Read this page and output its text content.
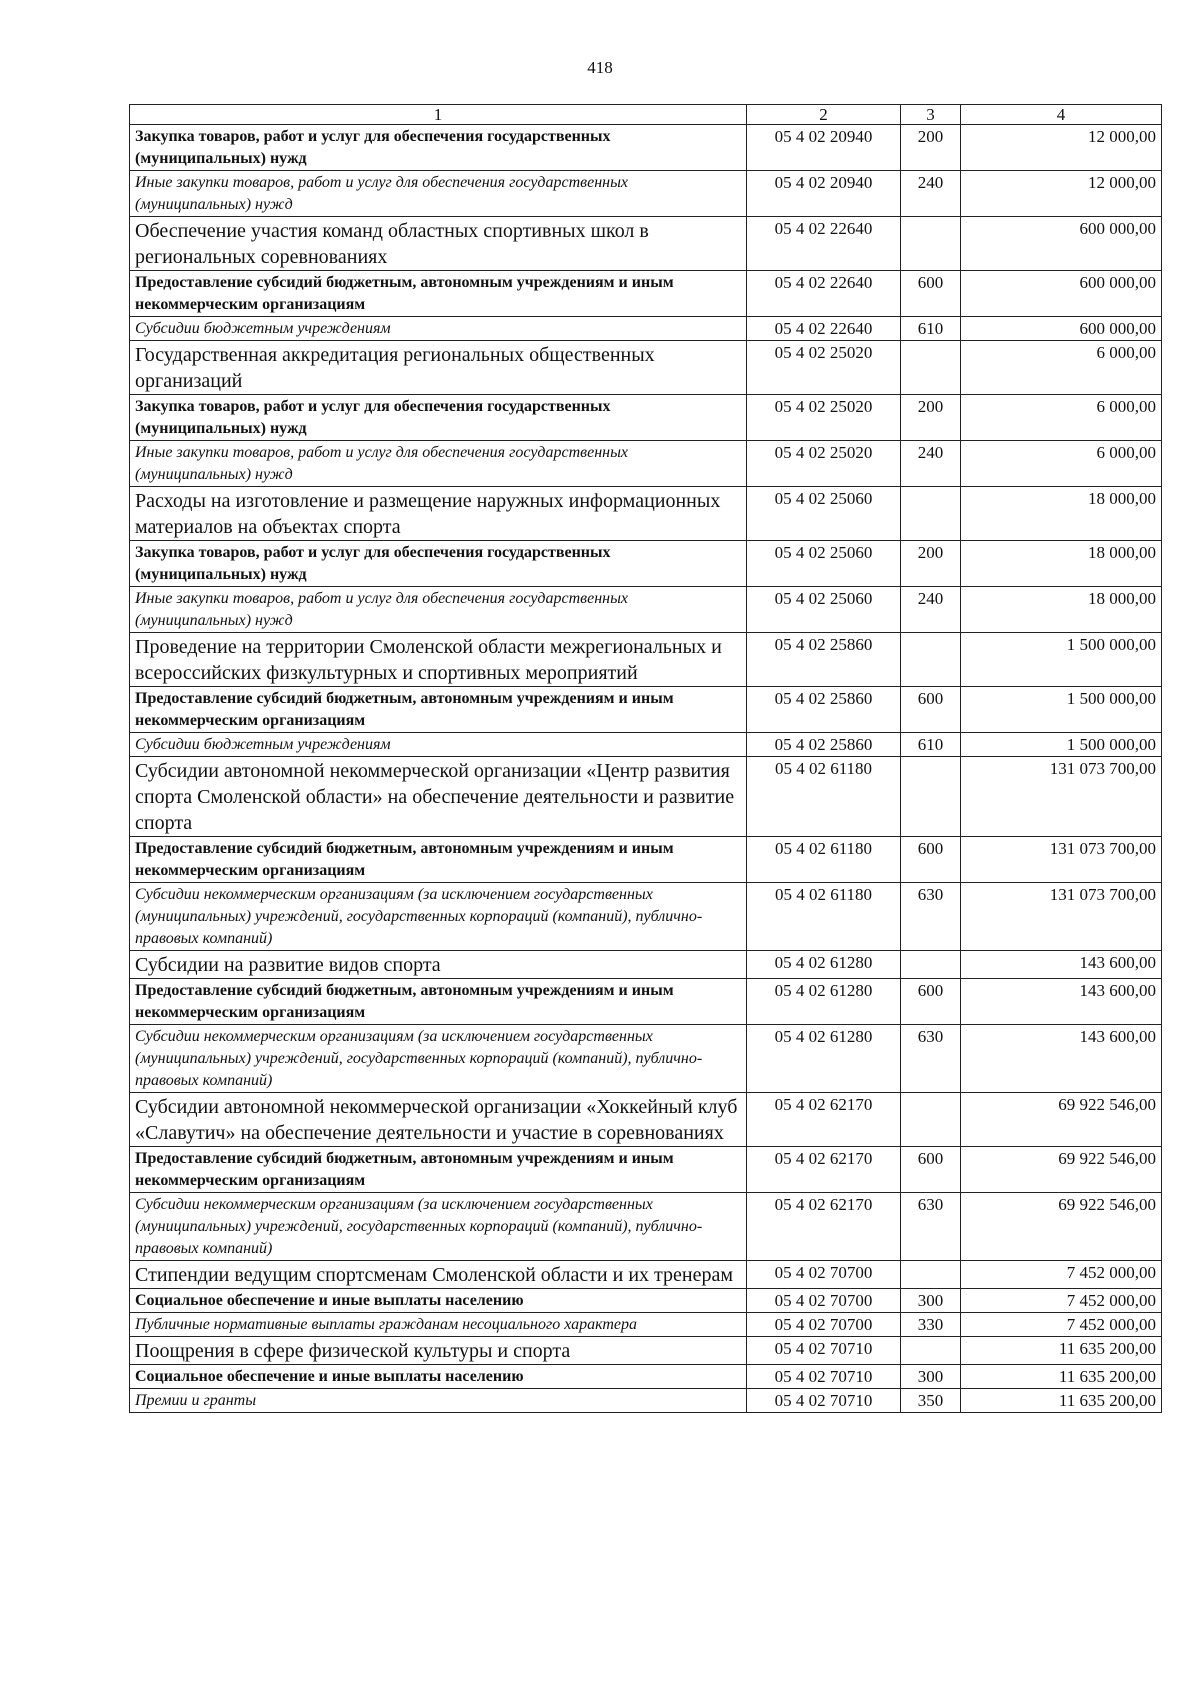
418
1	2	3	4
Закупка товаров, работ и услуг для обеспечения государственных (муниципальных) нужд	05 4 02 20940	200	12 000,00
Иные закупки товаров, работ и услуг для обеспечения государственных (муниципальных) нужд	05 4 02 20940	240	12 000,00
Обеспечение участия команд областных спортивных школ в региональных соревнованиях	05 4 02 22640		600 000,00
Предоставление субсидий бюджетным, автономным учреждениям и иным некоммерческим организациям	05 4 02 22640	600	600 000,00
Субсидии бюджетным учреждениям	05 4 02 22640	610	600 000,00
Государственная аккредитация региональных общественных организаций	05 4 02 25020		6 000,00
Закупка товаров, работ и услуг для обеспечения государственных (муниципальных) нужд	05 4 02 25020	200	6 000,00
Иные закупки товаров, работ и услуг для обеспечения государственных (муниципальных) нужд	05 4 02 25020	240	6 000,00
Расходы на изготовление и размещение наружных информационных материалов на объектах спорта	05 4 02 25060		18 000,00
Закупка товаров, работ и услуг для обеспечения государственных (муниципальных) нужд	05 4 02 25060	200	18 000,00
Иные закупки товаров, работ и услуг для обеспечения государственных (муниципальных) нужд	05 4 02 25060	240	18 000,00
Проведение на территории Смоленской области межрегиональных и всероссийских физкультурных и спортивных мероприятий	05 4 02 25860		1 500 000,00
Предоставление субсидий бюджетным, автономным учреждениям и иным некоммерческим организациям	05 4 02 25860	600	1 500 000,00
Субсидии бюджетным учреждениям	05 4 02 25860	610	1 500 000,00
Субсидии автономной некоммерческой организации «Центр развития спорта Смоленской области» на обеспечение деятельности и развитие спорта	05 4 02 61180		131 073 700,00
Предоставление субсидий бюджетным, автономным учреждениям и иным некоммерческим организациям	05 4 02 61180	600	131 073 700,00
Субсидии некоммерческим организациям (за исключением государственных (муниципальных) учреждений, государственных корпораций (компаний), публично-правовых компаний)	05 4 02 61180	630	131 073 700,00
Субсидии на развитие видов спорта	05 4 02 61280		143 600,00
Предоставление субсидий бюджетным, автономным учреждениям и иным некоммерческим организациям	05 4 02 61280	600	143 600,00
Субсидии некоммерческим организациям (за исключением государственных (муниципальных) учреждений, государственных корпораций (компаний), публично-правовых компаний)	05 4 02 61280	630	143 600,00
Субсидии автономной некоммерческой организации «Хоккейный клуб «Славутич» на обеспечение деятельности и участие в соревнованиях	05 4 02 62170		69 922 546,00
Предоставление субсидий бюджетным, автономным учреждениям и иным некоммерческим организациям	05 4 02 62170	600	69 922 546,00
Субсидии некоммерческим организациям (за исключением государственных (муниципальных) учреждений, государственных корпораций (компаний), публично-правовых компаний)	05 4 02 62170	630	69 922 546,00
Стипендии ведущим спортсменам Смоленской области и их тренерам	05 4 02 70700		7 452 000,00
Социальное обеспечение и иные выплаты населению	05 4 02 70700	300	7 452 000,00
Публичные нормативные выплаты гражданам несоциального характера	05 4 02 70700	330	7 452 000,00
Поощрения в сфере физической культуры и спорта	05 4 02 70710		11 635 200,00
Социальное обеспечение и иные выплаты населению	05 4 02 70710	300	11 635 200,00
Премии и гранты	05 4 02 70710	350	11 635 200,00
